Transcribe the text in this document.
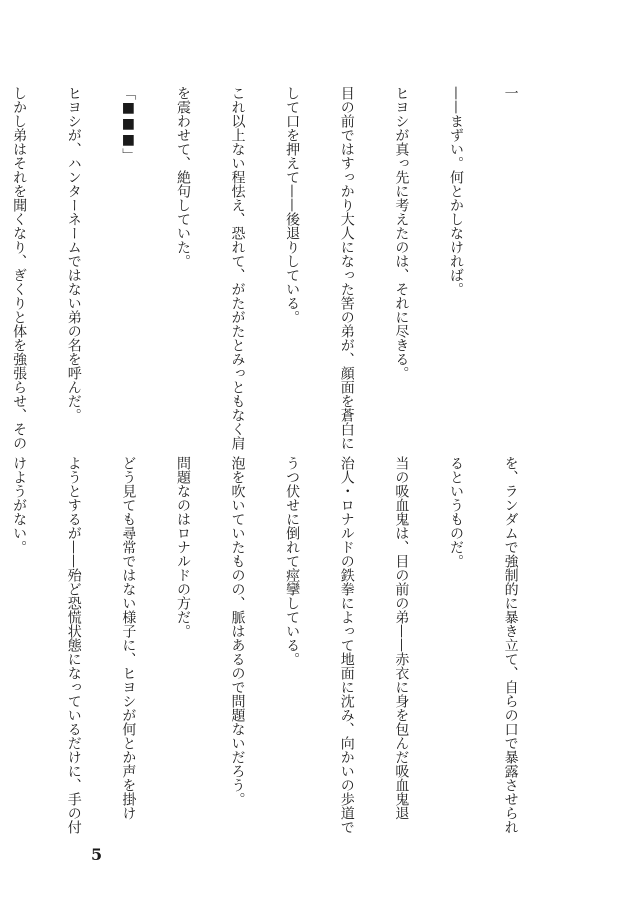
一

——まずい。何とかしなければ。

ヒヨシが真っ先に考えたのは、それに尽きる。

目の前ではすっかり大人になった筈の弟が、顔面を蒼白に

して口を押えて——後退りしている。

これ以上ない程怯え、恐れて、がたがたとみっともなく肩

を震わせて、絶句していた。

「■■■」

ヒヨシが、ハンターネームではない弟の名を呼んだ。

しかし弟はそれを聞くなり、ぎくりと体を強張らせ、その

を、ランダムで強制的に暴き立て、自らの口で暴露させられ

るというものだ。

当の吸血鬼は、目の前の弟——赤衣に身を包んだ吸血鬼退

治人・ロナルドの鉄拳によって地面に沈み、向かいの歩道で

うつ伏せに倒れて痙攣している。

泡を吹いていたものの、脈はあるので問題ないだろう。

問題なのはロナルドの方だ。

どう見ても尋常ではない様子に、ヒヨシが何とか声を掛け

ようとするが——殆ど恐慌状態になっているだけに、手の付

けようがない。

5
